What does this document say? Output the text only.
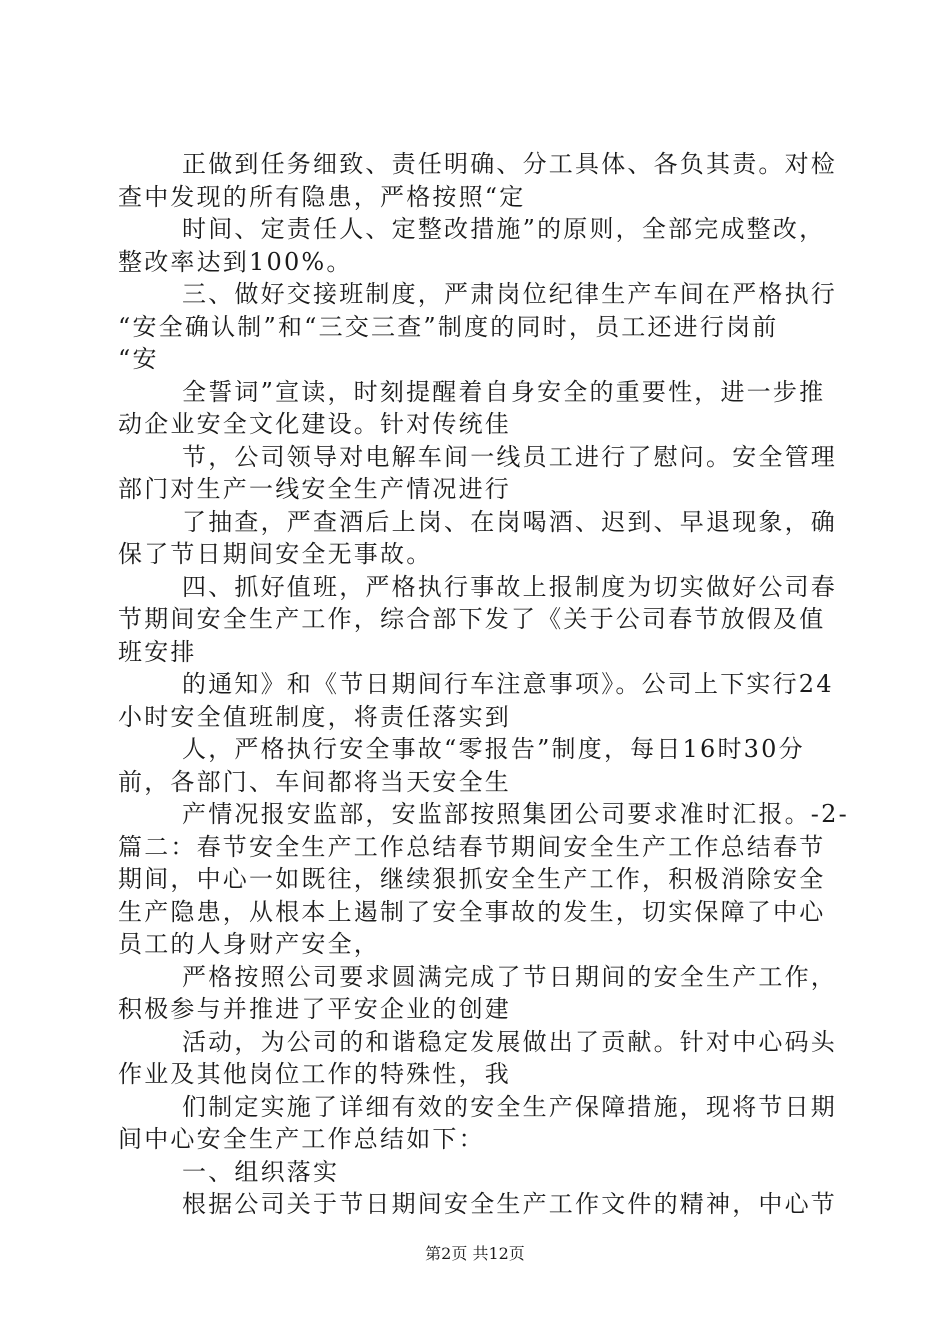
正做到任务细致、责任明确、分工具体、各负其责。对检
查中发现的所有隐患，严格按照“定
时间、定责任人、定整改措施”的原则，全部完成整改，
整改率达到100%。
三、做好交接班制度，严肃岗位纪律生产车间在严格执行
“安全确认制”和“三交三查”制度的同时，员工还进行岗前
“安
全誓词”宣读，时刻提醒着自身安全的重要性，进一步推
动企业安全文化建设。针对传统佳
节，公司领导对电解车间一线员工进行了慰问。安全管理
部门对生产一线安全生产情况进行
了抽查，严查酒后上岗、在岗喝酒、迟到、早退现象，确
保了节日期间安全无事故。
四、抓好值班，严格执行事故上报制度为切实做好公司春
节期间安全生产工作，综合部下发了《关于公司春节放假及值
班安排
的通知》和《节日期间行车注意事项》。公司上下实行24
小时安全值班制度，将责任落实到
人，严格执行安全事故“零报告”制度，每日16时30分
前，各部门、车间都将当天安全生
产情况报安监部，安监部按照集团公司要求准时汇报。-2-
篇二：春节安全生产工作总结春节期间安全生产工作总结春节
期间，中心一如既往，继续狠抓安全生产工作，积极消除安全
生产隐患，从根本上遏制了安全事故的发生，切实保障了中心
员工的人身财产安全，
严格按照公司要求圆满完成了节日期间的安全生产工作，
积极参与并推进了平安企业的创建
活动，为公司的和谐稳定发展做出了贡献。针对中心码头
作业及其他岗位工作的特殊性，我
们制定实施了详细有效的安全生产保障措施，现将节日期
间中心安全生产工作总结如下：
一、组织落实
根据公司关于节日期间安全生产工作文件的精神，中心节
第2页 共12页
